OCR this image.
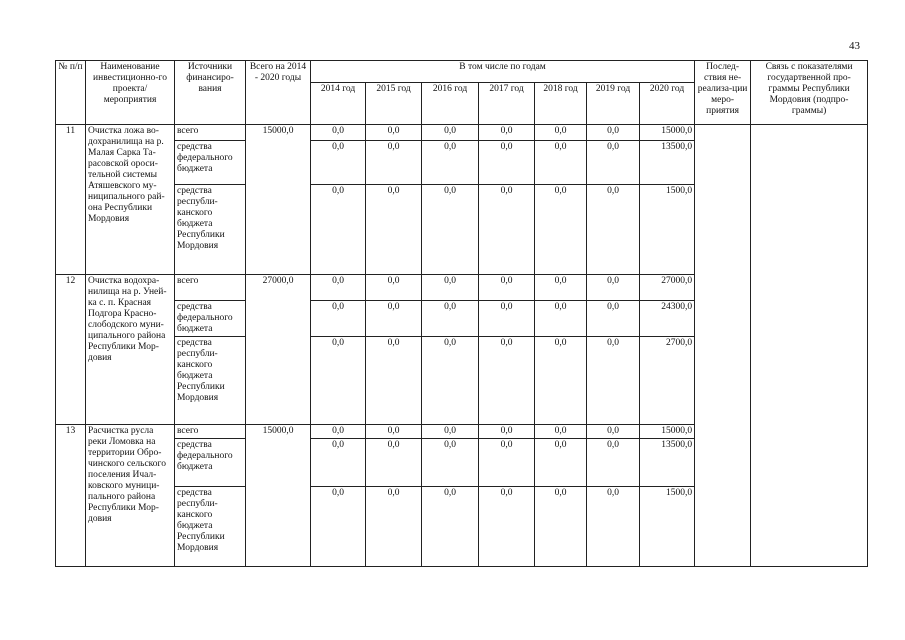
43
№ п/п	Наименование инвестиционно-го проекта/ мероприятия	Источники финансиро-вания	Всего на 2014 - 2020 годы	В том числе по годам							Послед-ствия не-реализа-ции меро-приятия	Связь с показателями государтвенной про-граммы Республики Мордовия (подпро-граммы)
				2014 год	2015 год	2016 год	2017 год	2018 год	2019 год	2020 год		
11	Очистка ложа во-дохранилища на р. Малая Сарка Та-расовской ороси-тельной системы Атяшевского му-ниципального рай-она Республики Мордовия	всего	15000,0	0,0	0,0	0,0	0,0	0,0	0,0	15000,0		
		средства федерального бюджета		0,0	0,0	0,0	0,0	0,0	0,0	13500,0		
		средства республи-канского бюджета Республики Мордовия		0,0	0,0	0,0	0,0	0,0	0,0	1500,0		
12	Очистка водохра-нилища на р. Уней-ка с. п. Красная Подгора Красно-слободского муни-ципального района Республики Мор-довия	всего	27000,0	0,0	0,0	0,0	0,0	0,0	0,0	27000,0		
		средства федерального бюджета		0,0	0,0	0,0	0,0	0,0	0,0	24300,0		
		средства республи-канского бюджета Республики Мордовия		0,0	0,0	0,0	0,0	0,0	0,0	2700,0		
13	Расчистка русла реки Ломовка на территории Обро-чинского сельского поселения Ичал-ковского муници-пального района Республики Мор-довия	всего	15000,0	0,0	0,0	0,0	0,0	0,0	0,0	15000,0		
		средства федерального бюджета		0,0	0,0	0,0	0,0	0,0	0,0	13500,0		
		средства республи-канского бюджета Республики Мордовия		0,0	0,0	0,0	0,0	0,0	0,0	1500,0		
